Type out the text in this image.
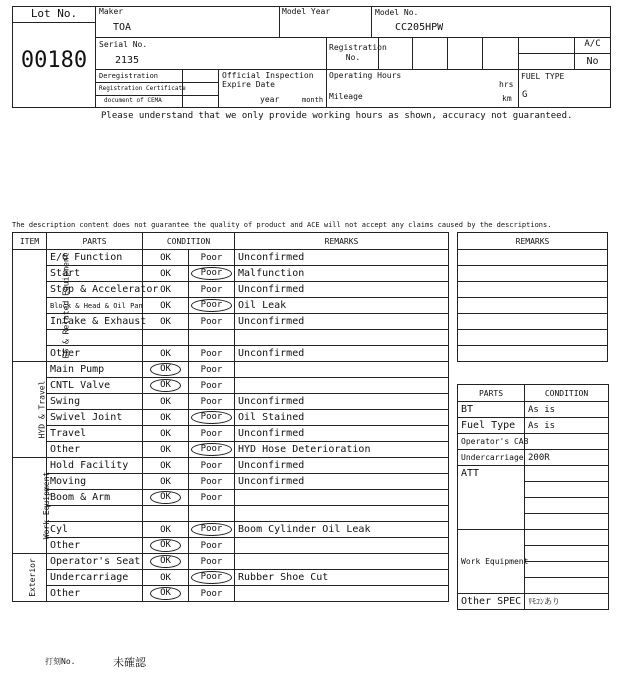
Lot No.
00180
Maker
TOA
Model Year	Model No.
CC205HPW
Serial No.
2135
Registration No.
A/C
No
Deregistration
Registration Certificate
document of CEMA
Official Inspection Expire Date
year	month
Operating Hours
hrs
Mileage	km
FUEL TYPE
G
Please understand that we only provide working hours as shown, accuracy not guaranteed.
The description content does not guarantee the quality of product and ACE will not accept any claims caused by the descriptions.
ITEM	PARTS	CONDITION		REMARKS
EG & Related Equipment	E/G Function	OK	Poor	Unconfirmed
	Start	OK	Poor	Malfunction
	Stop & Accelerator	OK	Poor	Unconfirmed
	Block & Head & Oil Pan	OK	Poor	Oil Leak
	Intake & Exhaust	OK	Poor	Unconfirmed

	Other	OK	Poor	Unconfirmed
HYD & Travel	Main Pump	OK	Poor	
	CNTL Valve	OK	Poor	
	Swing	OK	Poor	Unconfirmed
	Swivel Joint	OK	Poor	Oil Stained
	Travel	OK	Poor	Unconfirmed
	Other	OK	Poor	HYD Hose Deterioration
Work Equipment	Hold Facility	OK	Poor	Unconfirmed
	Moving	OK	Poor	Unconfirmed
	Boom & Arm	OK	Poor	

	Cyl	OK	Poor	Boom Cylinder Oil Leak
	Other	OK	Poor	
Exterior	Operator's Seat	OK	Poor	
	Undercarriage	OK	Poor	Rubber Shoe Cut
	Other	OK	Poor	
REMARKS

PARTS	CONDITION
BT	As is
Fuel Type	As is
Operator's CAB	
Undercarriage	200R
ATT	

Work Equipment	

Other SPEC	ﾘﾓｺﾝあり
打刻No.	未確認
